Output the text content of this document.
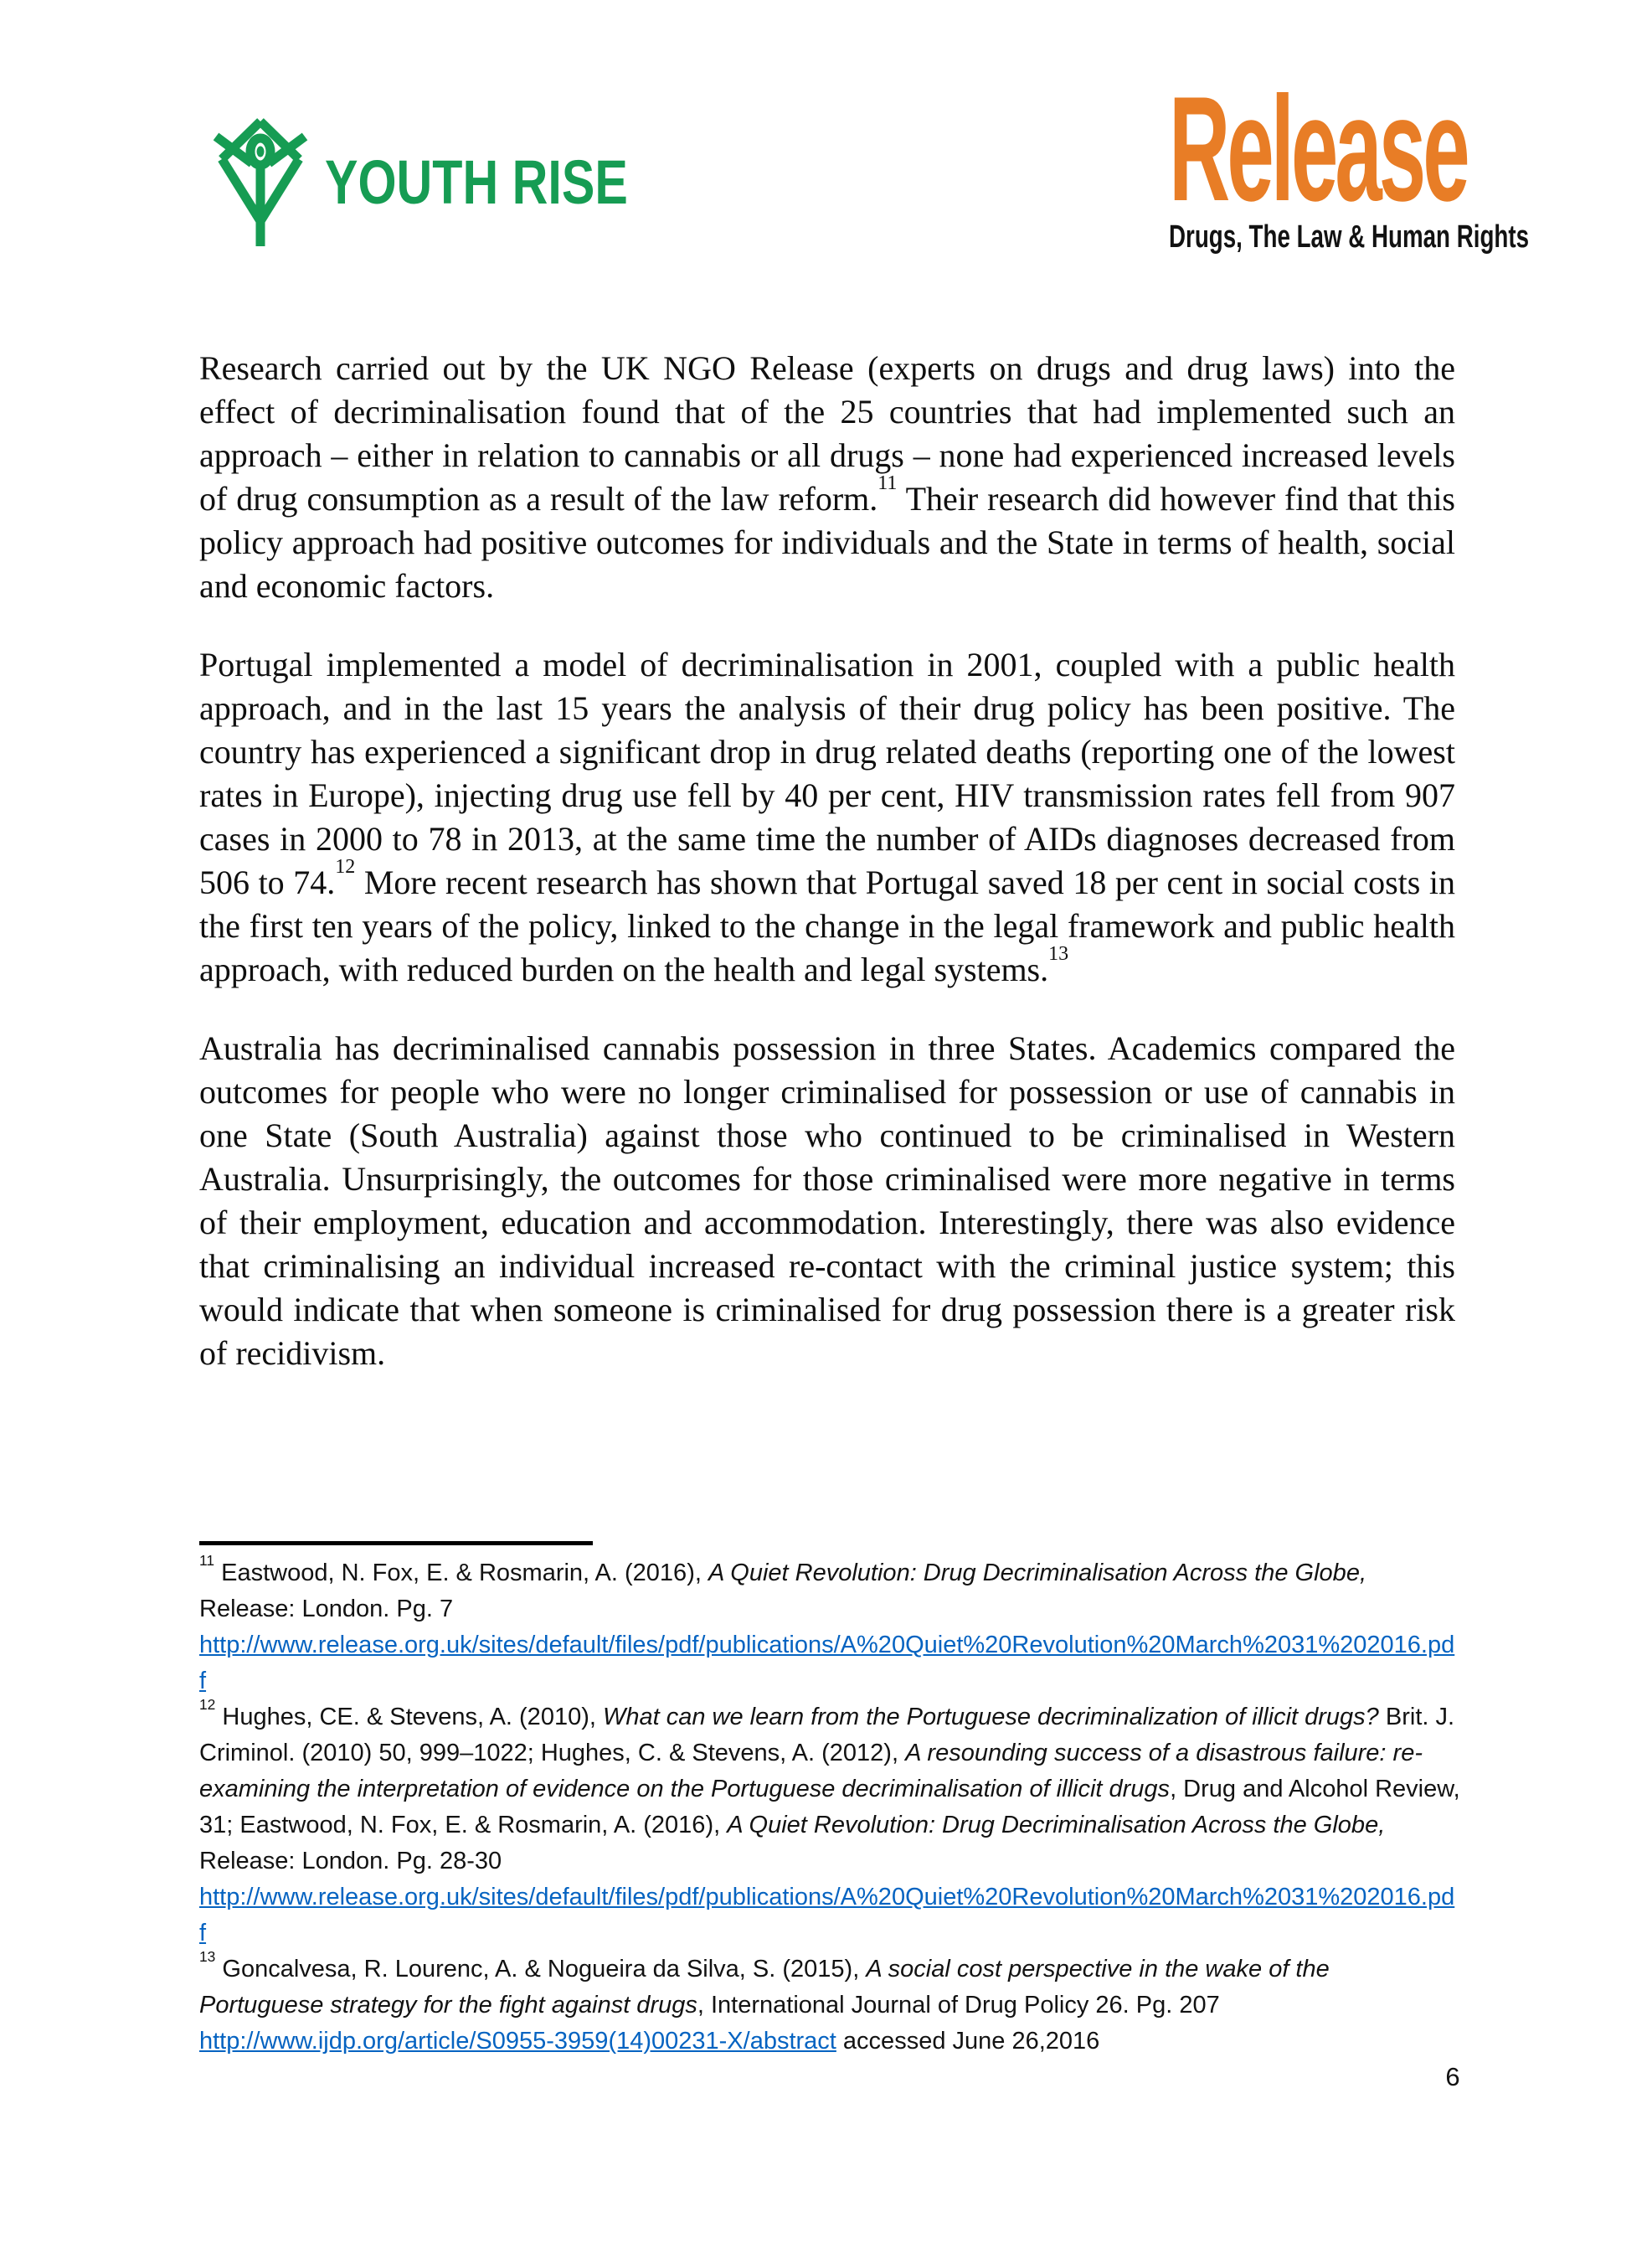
YOUTH RISE	Release
Drugs, The Law & Human Rights

Research carried out by the UK NGO Release (experts on drugs and drug laws) into the effect of decriminalisation found that of the 25 countries that had implemented such an approach – either in relation to cannabis or all drugs – none had experienced increased levels of drug consumption as a result of the law reform.$^{11}$ Their research did however find that this policy approach had positive outcomes for individuals and the State in terms of health, social and economic factors.

Portugal implemented a model of decriminalisation in 2001, coupled with a public health approach, and in the last 15 years the analysis of their drug policy has been positive. The country has experienced a significant drop in drug related deaths (reporting one of the lowest rates in Europe), injecting drug use fell by 40 per cent, HIV transmission rates fell from 907 cases in 2000 to 78 in 2013, at the same time the number of AIDs diagnoses decreased from 506 to 74.12 More recent research has shown that Portugal saved 18 per cent in social costs in the first ten years of the policy, linked to the change in the legal framework and public health approach, with reduced burden on the health and legal systems.$^{13}$

Australia has decriminalised cannabis possession in three States. Academics compared the outcomes for people who were no longer criminalised for possession or use of cannabis in one State (South Australia) against those who continued to be criminalised in Western Australia. Unsurprisingly, the outcomes for those criminalised were more negative in terms of their employment, education and accommodation. Interestingly, there was also evidence that criminalising an individual increased re-contact with the criminal justice system; this would indicate that when someone is criminalised for drug possession there is a greater risk of recidivism.

$^{11}$ Eastwood, N. Fox, E. & Rosmarin, A. (2016), A Quiet Revolution: Drug Decriminalisation Across the Globe, Release: London. Pg. 7
http://www.release.org.uk/sites/default/files/pdf/publications/A%20Quiet%20Revolution%20March%2031%202016.pdf
$^{12}$ Hughes, CE. & Stevens, A. (2010), What can we learn from the Portuguese decriminalization of illicit drugs? Brit. J. Criminol. (2010) 50, 999–1022; Hughes, C. & Stevens, A. (2012), A resounding success of a disastrous failure: re-examining the interpretation of evidence on the Portuguese decriminalisation of illicit drugs, Drug and Alcohol Review, 31; Eastwood, N. Fox, E. & Rosmarin, A. (2016), A Quiet Revolution: Drug Decriminalisation Across the Globe, Release: London. Pg. 28-30
http://www.release.org.uk/sites/default/files/pdf/publications/A%20Quiet%20Revolution%20March%2031%202016.pdf
$^{13}$ Goncalvesa, R. Lourenc, A. & Nogueira da Silva, S. (2015), A social cost perspective in the wake of the Portuguese strategy for the fight against drugs, International Journal of Drug Policy 26. Pg. 207
http://www.ijdp.org/article/S0955-3959(14)00231-X/abstract accessed June 26,2016
6
